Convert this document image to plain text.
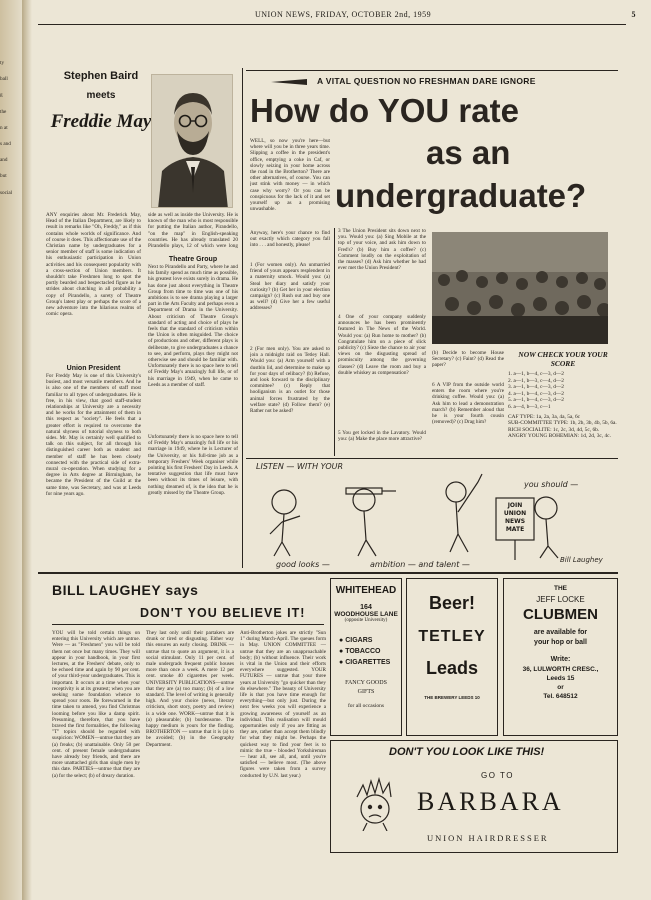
ty
ball
g
the
n at
s and
and
but
social
UNION NEWS, FRIDAY, OCTOBER 2nd, 1959	5
Stephen Baird
meets
Freddie May
ANY enquiries about Mr. Frederick May, Head of the Italian Department, are likely to result in remarks like "Oh, Freddy," as if this contains whole worlds of significance. And of course it does. This affectionate use of the Christian name by undergraduates for a senior member of staff is some indication of his enthusiastic participation in Union activities and his consequent popularity with a cross-section of Union members. It shouldn't take Freshmen long to spot the portly bearded and bespectacled figure as he strides about clutching in all probability a copy of Pirandello, a surety of Theatre Group's latest play or perhaps the score of a new adventure into the hilarious realms of comic opera.
Union President
For Freddy May is one of this University's busiest, and most versatile members. And he is also one of the members of staff most familiar to all types of undergraduates. He is free, in his view, that good staff-student relationships at University are a necessity and he works for the attainment of them in this respect as "society". He feels that a greater effort is required to overcome the natural shyness of tutorial shyness to both sides. Mr. May is certainly well qualified to talk on this subject, for all through his distinguished career both as student and member of staff he has been closely connected with the practical side of extra-mural co-operation. When studying for a degree in Arts degree at Birmingham, he became the President of the Guild at the same time, was Secretary, and was at Leeds for nine years ago.
side as well as inside the University. He is known of the man who is most responsible for putting the Italian author, Pirandello, "on the map" in English-speaking countries. He has already translated 20 Pirandello plays, 12 of which were long
Theatre Group
Next to Pirandello and Party, where he and his family spend as much time as possible, his greatest love exists surely in drama. He has done just about everything in Theatre Group from time to time was one of his ambitions is to see drama playing a larger part in the Arts Faculty and perhaps even a Department of Drama in the University. About criticism of Theatre Group's standard of acting and choice of plays he feels that the standard of criticism within the Union is often misguided. The choice of productions and other, different plays is deliberate, to give undergraduates a chance to see, and perform, plays they might not otherwise see and should be familiar with. Unfortunately there is no space here to tell of Freddy May's amazingly full life, or of his marriage in 1949, when he came to Leeds as a member of staff.
Unfortunately there is no space here to tell of Freddy May's amazingly full life or his marriage in 1949, where he is Lecturer of the University, or his full-time job as a temporary Freshers' Week organiser while pointing his first Freshers' Day in Leeds. A tentative suggestion that life must have been without its times of leisure, with nothing dreamed of, is the idea that he is greatly missed by the Theatre Group.
A VITAL QUESTION NO FRESHMAN DARE IGNORE
How do YOU rate
as an
undergraduate?
WELL, so now you're here—but where will you be in three years time. Slipping a coffee in the president's office, emptying a coke in Caf, or slowly seizing in your home across the road in the Brotherton? There are other alternatives, of course. You can just stink with money — in which case why worry? Or you can be conspicuous for the lack of it and set yourself up as a promising unwashable.
Anyway, here's your chance to find out exactly which category you fall into . . . and honestly, please!
1 (For women only). An unmarried friend of yours appears resplendent in a maternity smock. Would you: (a) Steal her diary and satisfy your curiosity? (b) Get her in your election campaign? (c) Rush out and buy one as well? (d) Give her a few useful addresses?
2 (For men only). You are asked to join a midnight raid on Tetley Hall. Would you: (a) Arm yourself with a dustbin lid, and determine to make up for your days of celibacy? (b) Refuse, and look forward to the disciplinary committee? (c) Reply that hooliganism is an outlet for those animal forces frustrated by the welfare state? (d) Follow them? (e) Rather not be asked?
3 The Union President sits down next to you. Would you: (a) Sing Mobile at the top of your voice, and ask him down to Fred's? (b) Buy him a coffee? (c) Comment loudly on the exploitation of the masses? (d) Ask him whether he had ever met the Union President?
4 One of your company suddenly announces he has been prominently featured in The News of the World. Would you: (a) Run home to mother? (b) Congratulate him on a piece of slick publicity? (c) Sieze the chance to air your views on the disgusting spread of promiscuity among the governing classes? (d) Leave the room and buy a double whiskey as compensation?
5 You get locked in the Lavatory. Would you: (a) Make the place more attractive?
(b) Decide to become House Secretary? (c) Faint? (d) Read the paper?
6 A VIP from the outside world enters the room where you're drinking coffee. Would you: (a) Ask him to lead a demonstration march? (b) Remember aloud that he is your fourth cousin (removed)? (c) Drag him?
NOW CHECK YOUR YOUR SCORE
1. a—1, b—4, c—3, d—2
2. a—1, b—3, c—4, d—2
3. a—1, b—4, c—3, d—2
4. a—1, b—4, c—3, d—2
5. a—1, b—4, c—3, d—2
6. a—4, b—3, c—1
CAF TYPE: 1a, 2a, 3a, 4a, 5a, 6c
SUB-COMMITTEE TYPE: 1b, 2b, 3b, 4b, 5b, 6a.
RICH SOCIALITE: 1c, 2c, 3d, 4d, 5c, 6b.
ANGRY YOUNG BOHEMIAN: 1d, 2d, 3c, 4c.
LISTEN — WITH YOUR
good looks —	ambition — and talent —
you should —
JOIN UNION NEWS MATE
Bill Laughey
BILL LAUGHEY says
DON'T YOU BELIEVE IT!
YOU will be told certain things on entering this University which are untrue. Were — as "Freshmen" you will be told them not once but many times. They will appear in your handbook, in your first lectures, at the Freshers' debate, only to be echoed time and again by 90 per cent. of your third-year undergraduates. This is important. It occurs at a time when your receptivity is at its greatest; when you are seeking some foundation whence to spread your roots. Be forewarned in the time taken to amend, you find Christmas looming before you like a damp spirit. Presuming, therefore, that you have braved the first formalities, the following "T" topics should be regarded with suspicion: WOMEN—untrue that they are (a) freaks; (b) unattainable. Only 50 per cent. of present female undergraduates have already boy friends, and there are more unattached girls than single men by this date. PARTIES—untrue that they are (a) for the select; (b) of dreary duration.
They last only until their partakers are drunk or tired or disgusting. Either way this ensures an early closing. DRINK — untrue that to quote an argument, it is a social stimulant. Only 11 per cent. of male undergrads frequent public houses more than once a week. A mere 12 per cent. smoke 40 cigarettes per week. UNIVERSITY PUBLICATIONS—untrue that they are (a) too many; (b) of a low standard. The level of writing is generally high. And your choice (news, literary criticism, short story, poetry and review) is a wide one. WORK—untrue that it is (a) pleasurable; (b) burdensome. The happy medium is yours for the finding. BROTHERTON — untrue that it is (a) to be avoided; (b) in the Geography Department.
Anti-Brotherton jokes are strictly "Sun 1" during March-April. The queues form in May. UNION COMMITTEE — untrue that they are an unapproachable body; (b) without influence. Their work is vital in the Union and their efforts everywhere suggested. YOUR FUTURES — untrue that your three years at University "go quicker than they do elsewhere." The beauty of University life is that you have time enough for everything—but only just. During the next few weeks you will experience a growing awareness of yourself as an individual. This realisation will mould opportunities only if you are fitting as they are, rather than accept them blindly for what they might be. Perhaps the quickest way to find your feet is to mimic the true - blooded Yorkshireman — hear all, see all, and, until you're satisfied — believe most. (The above figures were taken from a survey conducted by U.N. last year.)
WHITEHEAD
164
WOODHOUSE LANE
(opposite University)
● CIGARS
● TOBACCO
● CIGARETTES
FANCY GOODS
GIFTS
for all occasions
Beer!
TETLEY
Leads
THE BREWERY LEEDS 10
THE
JEFF LOCKE
CLUBMEN
are available for
your hop or ball
Write:
36, LULWORTH CRESC.,
Leeds 15
or
Tel. 648512
DON'T YOU LOOK LIKE THIS!
GO TO
BARBARA
UNION HAIRDRESSER
